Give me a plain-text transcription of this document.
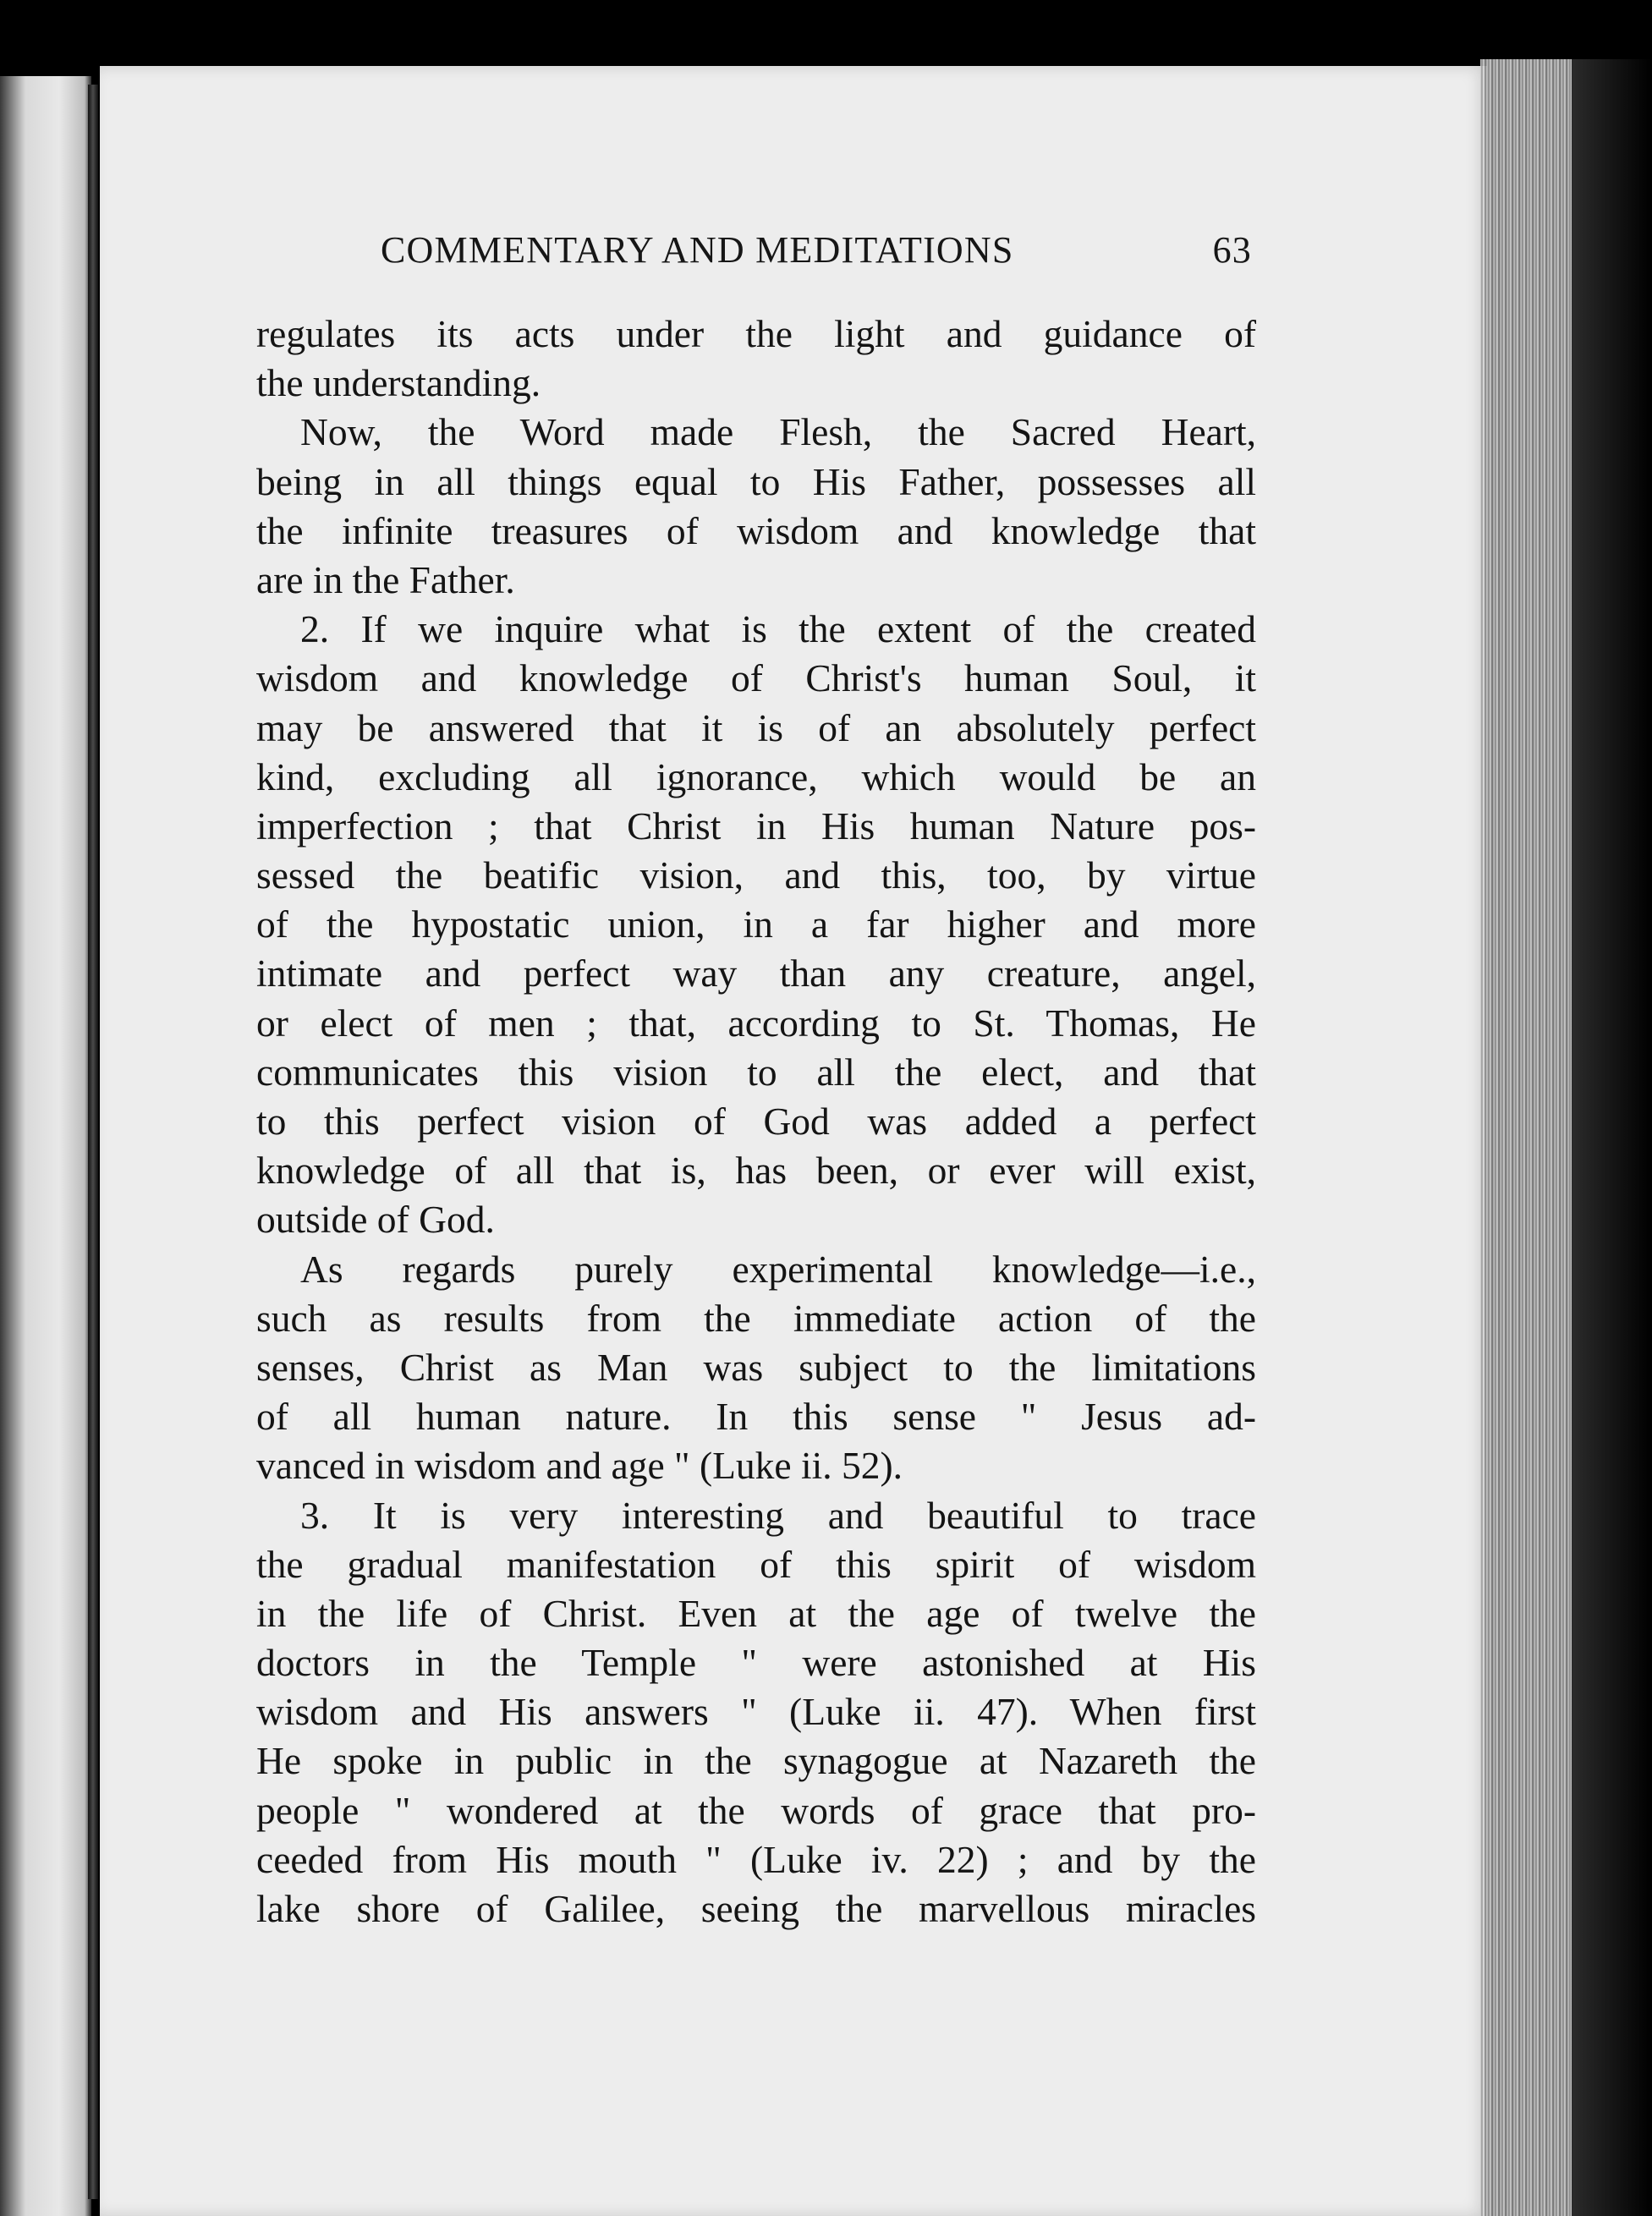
COMMENTARY AND MEDITATIONS	63
regulates its acts under the light and guidance of
the understanding.
Now, the Word made Flesh, the Sacred Heart,
being in all things equal to His Father, possesses all
the infinite treasures of wisdom and knowledge that
are in the Father.
2. If we inquire what is the extent of the created
wisdom and knowledge of Christ's human Soul, it
may be answered that it is of an absolutely perfect
kind, excluding all ignorance, which would be an
imperfection ; that Christ in His human Nature pos-
sessed the beatific vision, and this, too, by virtue
of the hypostatic union, in a far higher and more
intimate and perfect way than any creature, angel,
or elect of men ; that, according to St. Thomas, He
communicates this vision to all the elect, and that
to this perfect vision of God was added a perfect
knowledge of all that is, has been, or ever will exist,
outside of God.
As regards purely experimental knowledge—i.e.,
such as results from the immediate action of the
senses, Christ as Man was subject to the limitations
of all human nature. In this sense " Jesus ad-
vanced in wisdom and age " (Luke ii. 52).
3. It is very interesting and beautiful to trace
the gradual manifestation of this spirit of wisdom
in the life of Christ. Even at the age of twelve the
doctors in the Temple " were astonished at His
wisdom and His answers " (Luke ii. 47). When first
He spoke in public in the synagogue at Nazareth the
people " wondered at the words of grace that pro-
ceeded from His mouth " (Luke iv. 22) ; and by the
lake shore of Galilee, seeing the marvellous miracles
